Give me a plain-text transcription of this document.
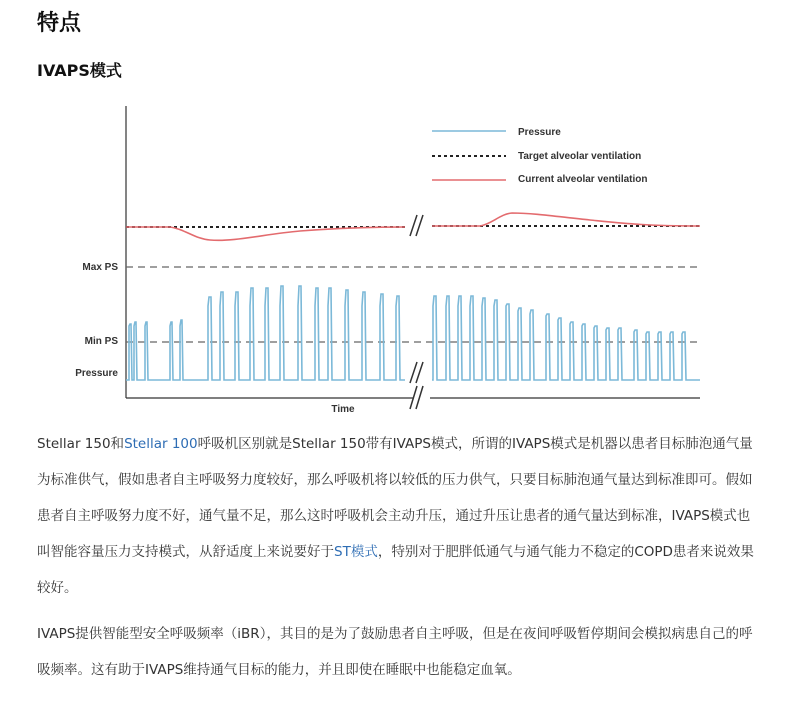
特点
IVAPS模式
Pressure
Target alveolar ventilation
Current alveolar ventilation
Max PS
Min PS
Pressure
Time

Stellar 150和Stellar 100呼吸机区别就是Stellar 150带有IVAPS模式，所谓的IVAPS模式是机器以患者目标肺泡通气量为标准供气，假如患者自主呼吸努力度较好，那么呼吸机将以较低的压力供气，只要目标肺泡通气量达到标准即可。假如患者自主呼吸努力度不好，通气量不足，那么这时呼吸机会主动升压，通过升压让患者的通气量达到标准，IVAPS模式也叫智能容量压力支持模式，从舒适度上来说要好于ST模式，特别对于肥胖低通气与通气能力不稳定的COPD患者来说效果较好。

IVAPS提供智能型安全呼吸频率（iBR），其目的是为了鼓励患者自主呼吸，但是在夜间呼吸暂停期间会模拟病患自己的呼吸频率。这有助于IVAPS维持通气目标的能力，并且即使在睡眠中也能稳定血氧。
